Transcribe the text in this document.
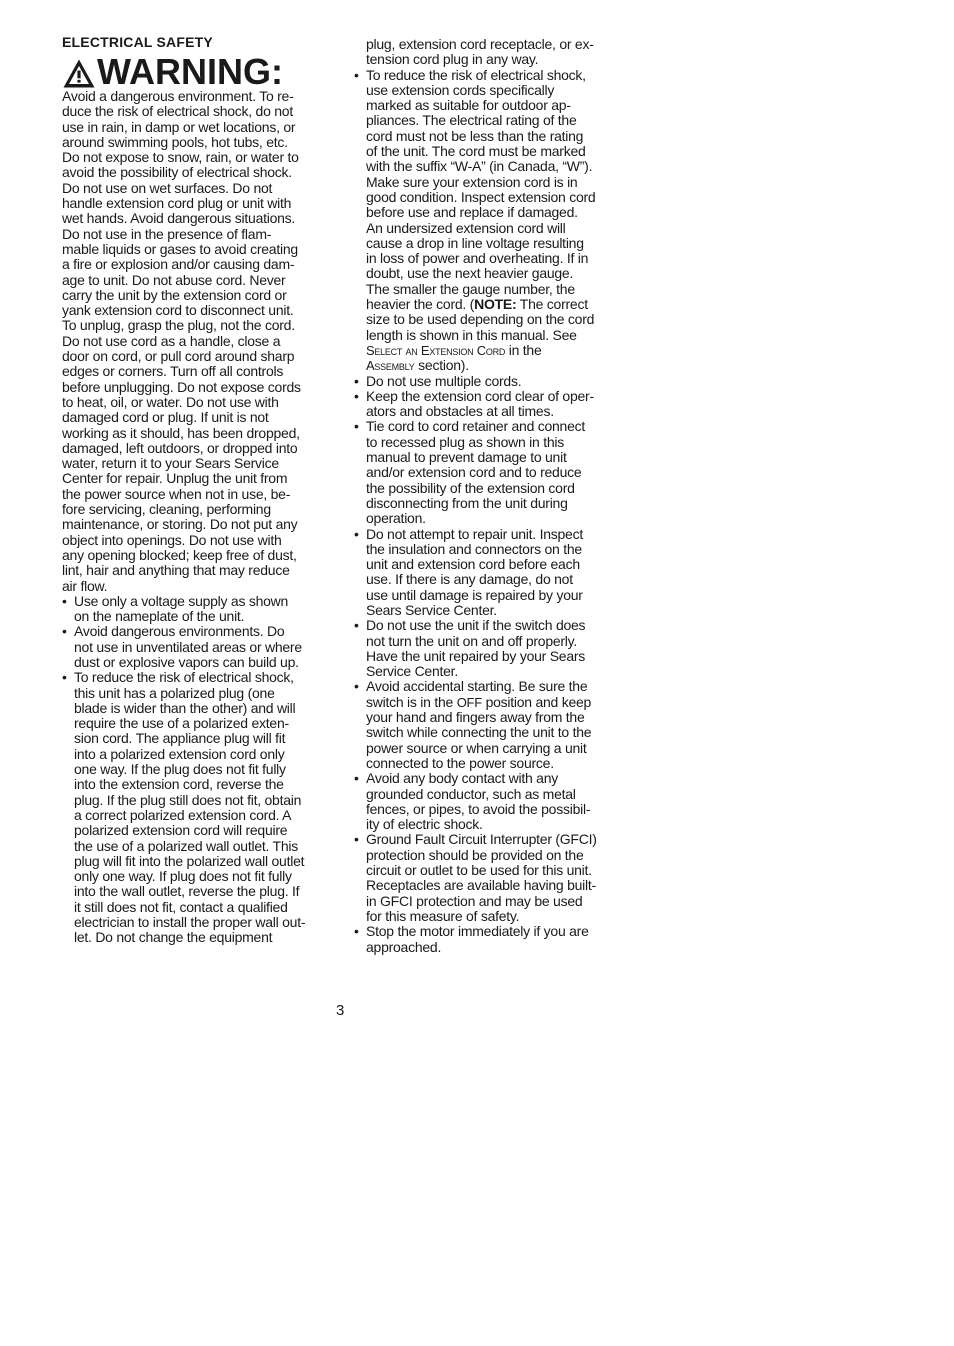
ELECTRICAL SAFETY
WARNING:

Avoid a dangerous environment. To re-
duce the risk of electrical shock, do not
use in rain, in damp or wet locations, or
around swimming pools, hot tubs, etc.
Do not expose to snow, rain, or water to
avoid the possibility of electrical shock.
Do not use on wet surfaces. Do not
handle extension cord plug or unit with
wet hands. Avoid dangerous situations.
Do not use in the presence of flam-
mable liquids or gases to avoid creating
a fire or explosion and/or causing dam-
age to unit. Do not abuse cord. Never
carry the unit by the extension cord or
yank extension cord to disconnect unit.
To unplug, grasp the plug, not the cord.
Do not use cord as a handle, close a
door on cord, or pull cord around sharp
edges or corners. Turn off all controls
before unplugging. Do not expose cords
to heat, oil, or water. Do not use with
damaged cord or plug. If unit is not
working as it should, has been dropped,
damaged, left outdoors, or dropped into
water, return it to your Sears Service
Center for repair. Unplug the unit from
the power source when not in use, be-
fore servicing, cleaning, performing
maintenance, or storing. Do not put any
object into openings. Do not use with
any opening blocked; keep free of dust,
lint, hair and anything that may reduce
air flow.

• Use only a voltage supply as shown
on the nameplate of the unit.
• Avoid dangerous environments. Do
not use in unventilated areas or where
dust or explosive vapors can build up.
• To reduce the risk of electrical shock,
this unit has a polarized plug (one
blade is wider than the other) and will
require the use of a polarized exten-
sion cord. The appliance plug will fit
into a polarized extension cord only
one way. If the plug does not fit fully
into the extension cord, reverse the
plug. If the plug still does not fit, obtain
a correct polarized extension cord. A
polarized extension cord will require
the use of a polarized wall outlet. This
plug will fit into the polarized wall outlet
only one way. If plug does not fit fully
into the wall outlet, reverse the plug. If
it still does not fit, contact a qualified
electrician to install the proper wall out-
let. Do not change the equipment

plug, extension cord receptacle, or ex-
tension cord plug in any way.

• To reduce the risk of electrical shock,
use extension cords specifically
marked as suitable for outdoor ap-
pliances. The electrical rating of the
cord must not be less than the rating
of the unit. The cord must be marked
with the suffix “W-A” (in Canada, “W”).
Make sure your extension cord is in
good condition. Inspect extension cord
before use and replace if damaged.
An undersized extension cord will
cause a drop in line voltage resulting
in loss of power and overheating. If in
doubt, use the next heavier gauge.
The smaller the gauge number, the
heavier the cord. (NOTE: The correct
size to be used depending on the cord
length is shown in this manual. See
Select an Extension Cord in the
Assembly section).
• Do not use multiple cords.
• Keep the extension cord clear of oper-
ators and obstacles at all times.
• Tie cord to cord retainer and connect
to recessed plug as shown in this
manual to prevent damage to unit
and/or extension cord and to reduce
the possibility of the extension cord
disconnecting from the unit during
operation.
• Do not attempt to repair unit. Inspect
the insulation and connectors on the
unit and extension cord before each
use. If there is any damage, do not
use until damage is repaired by your
Sears Service Center.
• Do not use the unit if the switch does
not turn the unit on and off properly.
Have the unit repaired by your Sears
Service Center.
• Avoid accidental starting. Be sure the
switch is in the OFF position and keep
your hand and fingers away from the
switch while connecting the unit to the
power source or when carrying a unit
connected to the power source.
• Avoid any body contact with any
grounded conductor, such as metal
fences, or pipes, to avoid the possibil-
ity of electric shock.
• Ground Fault Circuit Interrupter (GFCI)
protection should be provided on the
circuit or outlet to be used for this unit.
Receptacles are available having built-
in GFCI protection and may be used
for this measure of safety.
• Stop the motor immediately if you are
approached.
3
